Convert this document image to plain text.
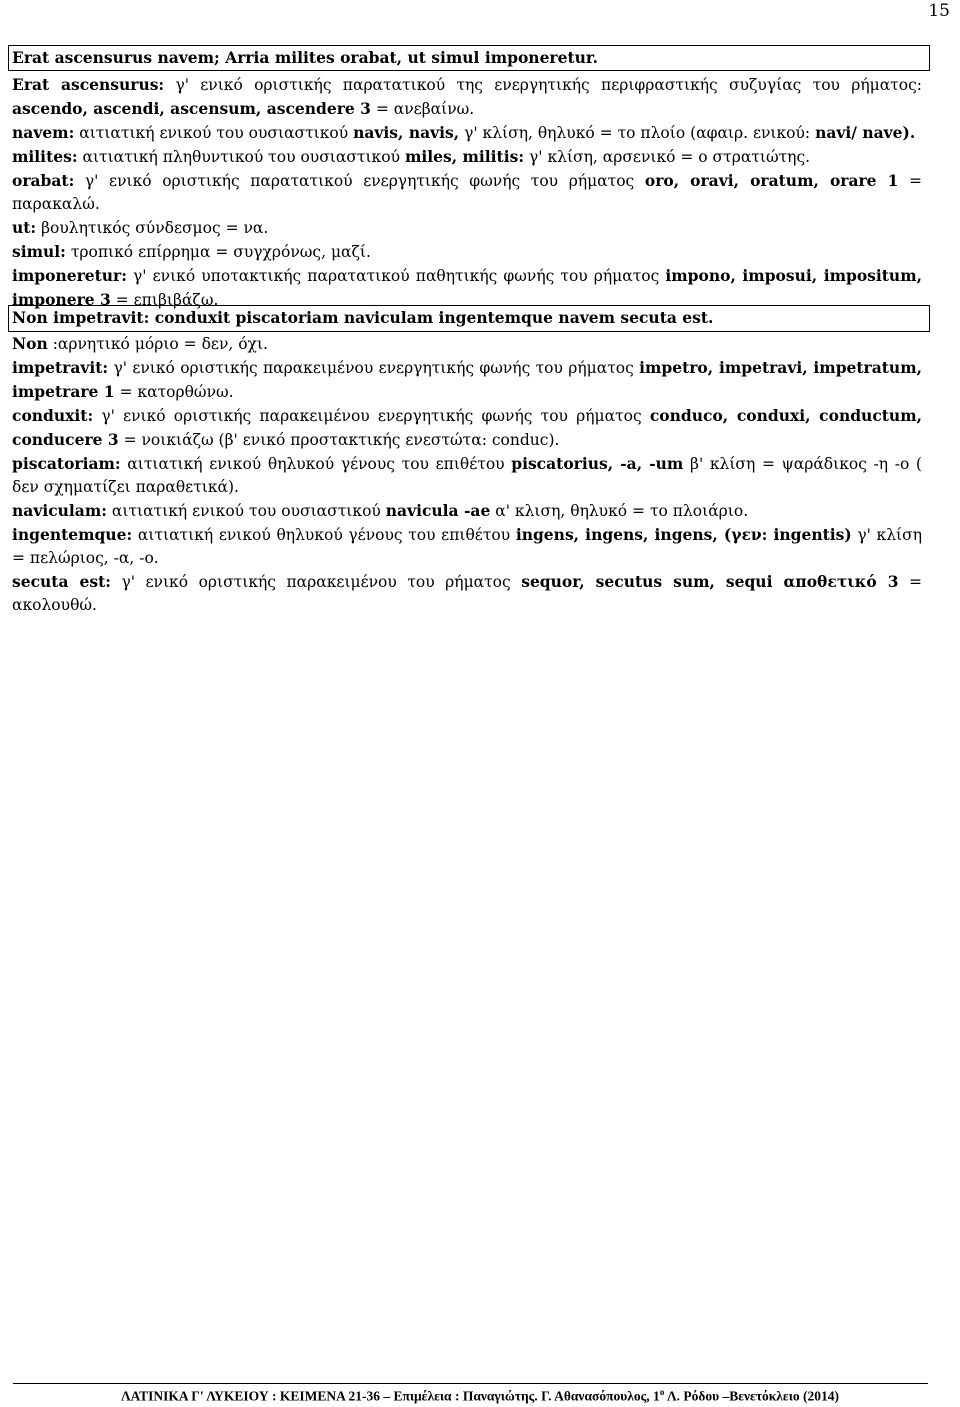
15
Erat ascensurus navem; Arria milites orabat, ut simul imponeretur.

Erat ascensurus: γ' ενικό οριστικής παρατατικού της ενεργητικής περιφραστικής συζυγίας του ρήματος: ascendo, ascendi, ascensum, ascendere 3 = ανεβαίνω.

navem: αιτιατική ενικού του ουσιαστικού navis, navis, γ' κλίση, θηλυκό = το πλοίο (αφαιρ. ενικού: navi/ nave).

milites: αιτιατική πληθυντικού του ουσιαστικού miles, militis: γ' κλίση, αρσενικό = ο στρατιώτης.

orabat: γ' ενικό οριστικής παρατατικού ενεργητικής φωνής του ρήματος oro, oravi, oratum, orare 1 = παρακαλώ.

ut: βουλητικός σύνδεσμος = να.

simul: τροπικό επίρρημα = συγχρόνως, μαζί.

imponeretur: γ' ενικό υποτακτικής παρατατικού παθητικής φωνής του ρήματος impono, imposui, impositum, imponere 3 = επιβιβάζω.

Non impetravit: conduxit piscatoriam naviculam ingentemque navem secuta est.

Non :αρνητικό μόριο = δεν, όχι.

impetravit: γ' ενικό οριστικής παρακειμένου ενεργητικής φωνής του ρήματος impetro, impetravi, impetratum, impetrare 1 = κατορθώνω.

conduxit: γ' ενικό οριστικής παρακειμένου ενεργητικής φωνής του ρήματος conduco, conduxi, conductum, conducere 3 = νοικιάζω (β' ενικό προστακτικής ενεστώτα: conduc).

piscatoriam: αιτιατική ενικού θηλυκού γένους του επιθέτου piscatorius, -a, -um β' κλίση = ψαράδικος -η -ο ( δεν σχηματίζει παραθετικά).

naviculam: αιτιατική ενικού του ουσιαστικού navicula -ae α' κλιση, θηλυκό = το πλοιάριο.

ingentemque: αιτιατική ενικού θηλυκού γένους του επιθέτου ingens, ingens, ingens, (γεν: ingentis) γ' κλίση = πελώριος, -α, -ο.

secuta est: γ' ενικό οριστικής παρακειμένου του ρήματος sequor, secutus sum, sequi αποθετικό 3 = ακολουθώ.

ΛΑΤΙΝΙΚΑ Γ' ΛΥΚΕΙΟΥ : ΚΕΙΜΕΝΑ 21-36 – Επιμέλεια : Παναγιώτης. Γ. Αθανασόπουλος, $1^o$ Λ. Ρόδου –Βενετόκλειο (2014)
